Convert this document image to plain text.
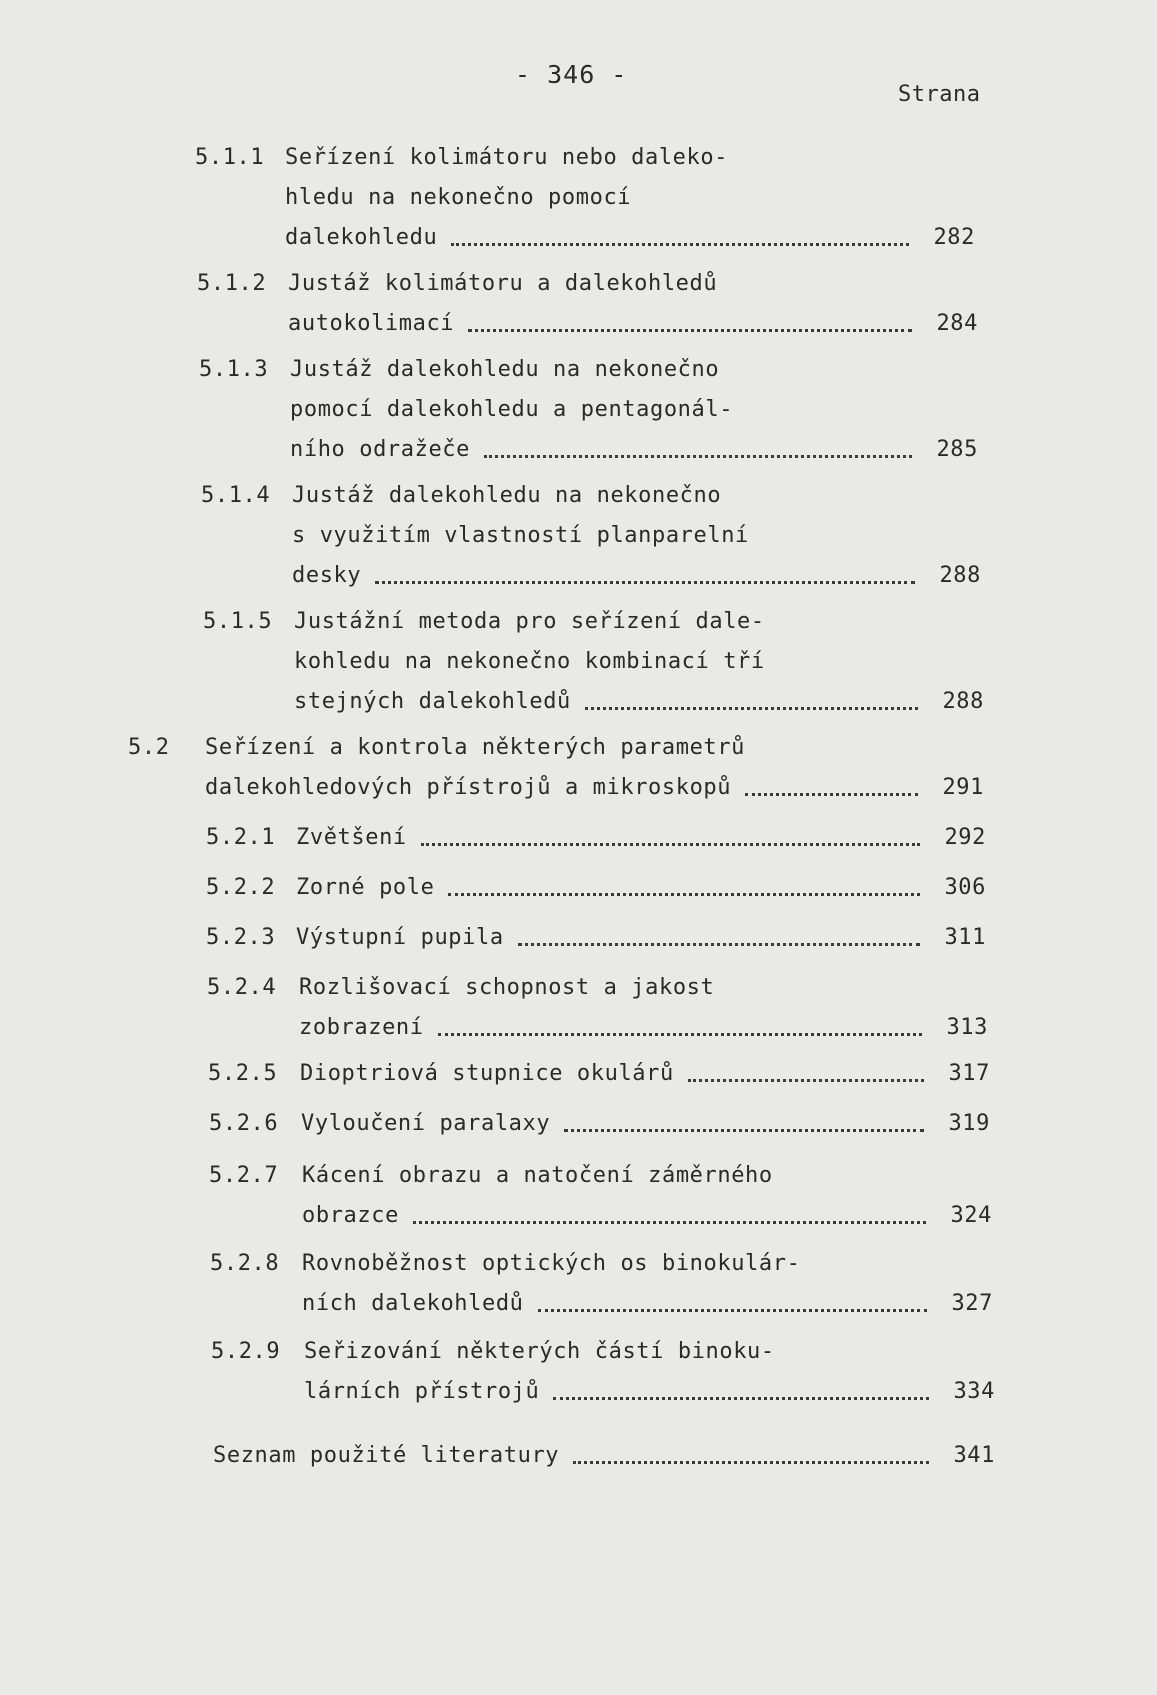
- 346 -
Strana
5.1.1 Seřízení kolimátoru nebo daleko-
hledu na nekonečno pomocí
dalekohledu	282
5.1.2 Justáž kolimátoru a dalekohledů
autokolimací	284
5.1.3 Justáž dalekohledu na nekonečno
pomocí dalekohledu a pentagonál-
ního odražeče	285
5.1.4 Justáž dalekohledu na nekonečno
s využitím vlastností planparelní
desky	288
5.1.5 Justážní metoda pro seřízení dale-
kohledu na nekonečno kombinací tří
stejných dalekohledů	288
5.2 Seřízení a kontrola některých parametrů
dalekohledových přístrojů a mikroskopů	291
5.2.1 Zvětšení	292
5.2.2 Zorné pole	306
5.2.3 Výstupní pupila	311
5.2.4 Rozlišovací schopnost a jakost
zobrazení	313
5.2.5 Dioptriová stupnice okulárů	317
5.2.6 Vyloučení paralaxy	319
5.2.7 Kácení obrazu a natočení záměrného
obrazce	324
5.2.8 Rovnoběžnost optických os binokulár-
ních dalekohledů	327
5.2.9 Seřizování některých částí binoku-
lárních přístrojů	334
Seznam použité literatury	341
